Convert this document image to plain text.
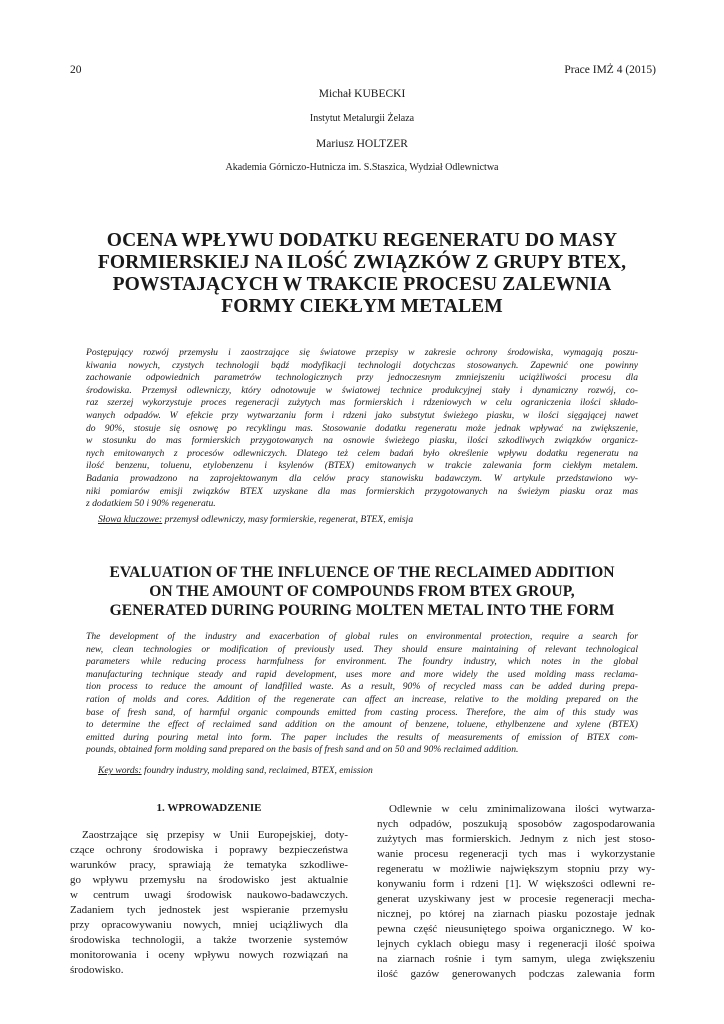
20	Prace IMŻ 4 (2015)
Michał KUBECKI
Instytut Metalurgii Żelaza
Mariusz HOLTZER
Akademia Górniczo-Hutnicza im. S.Staszica, Wydział Odlewnictwa
OCENA WPŁYWU DODATKU REGENERATU DO MASY
FORMIERSKIEJ NA ILOŚĆ ZWIĄZKÓW Z GRUPY BTEX,
POWSTAJĄCYCH W TRAKCIE PROCESU ZALEWNIA
FORMY CIEKŁYM METALEM
Postępujący rozwój przemysłu i zaostrzające się światowe przepisy w zakresie ochrony środowiska, wymagają poszu-
kiwania nowych, czystych technologii bądź modyfikacji technologii dotychczas stosowanych. Zapewnić one powinny
zachowanie odpowiednich parametrów technologicznych przy jednoczesnym zmniejszeniu uciążliwości procesu dla
środowiska. Przemysł odlewniczy, który odnotowuje w światowej technice produkcyjnej stały i dynamiczny rozwój, co-
raz szerzej wykorzystuje proces regeneracji zużytych mas formierskich i rdzeniowych w celu ograniczenia ilości składo-
wanych odpadów. W efekcie przy wytwarzaniu form i rdzeni jako substytut świeżego piasku, w ilości sięgającej nawet
do 90%, stosuje się osnowę po recyklingu mas. Stosowanie dodatku regeneratu może jednak wpływać na zwiększenie,
w stosunku do mas formierskich przygotowanych na osnowie świeżego piasku, ilości szkodliwych związków organicz-
nych emitowanych z procesów odlewniczych. Dlatego też celem badań było określenie wpływu dodatku regeneratu na
ilość benzenu, toluenu, etylobenzenu i ksylenów (BTEX) emitowanych w trakcie zalewania form ciekłym metalem.
Badania prowadzono na zaprojektowanym dla celów pracy stanowisku badawczym. W artykule przedstawiono wy-
niki pomiarów emisji związków BTEX uzyskane dla mas formierskich przygotowanych na świeżym piasku oraz mas
z dodatkiem 50 i 90% regeneratu.
Słowa kluczowe: przemysł odlewniczy, masy formierskie, regenerat, BTEX, emisja
EVALUATION OF THE INFLUENCE OF THE RECLAIMED ADDITION
ON THE AMOUNT OF COMPOUNDS FROM BTEX GROUP,
GENERATED DURING POURING MOLTEN METAL INTO THE FORM
The development of the industry and exacerbation of global rules on environmental protection, require a search for
new, clean technologies or modification of previously used. They should ensure maintaining of relevant technological
parameters while reducing process harmfulness for environment. The foundry industry, which notes in the global
manufacturing technique steady and rapid development, uses more and more widely the used molding mass reclama-
tion process to reduce the amount of landfilled waste. As a result, 90% of recycled mass can be added during prepa-
ration of molds and cores. Addition of the regenerate can affect an increase, relative to the molding prepared on the
base of fresh sand, of harmful organic compounds emitted from casting process. Therefore, the aim of this study was
to determine the effect of reclaimed sand addition on the amount of benzene, toluene, ethylbenzene and xylene (BTEX)
emitted during pouring metal into form. The paper includes the results of measurements of emission of BTEX com-
pounds, obtained form molding sand prepared on the basis of fresh sand and on 50 and 90% reclaimed addition.
Key words: foundry industry, molding sand, reclaimed, BTEX, emission
1. WPROWADZENIE
Zaostrzające się przepisy w Unii Europejskiej, doty-
czące ochrony środowiska i poprawy bezpieczeństwa
warunków pracy, sprawiają że tematyka szkodliwe-
go wpływu przemysłu na środowisko jest aktualnie
w centrum uwagi środowisk naukowo-badawczych.
Zadaniem tych jednostek jest wspieranie przemysłu
przy opracowywaniu nowych, mniej uciążliwych dla
środowiska technologii, a także tworzenie systemów
monitorowania i oceny wpływu nowych rozwiązań na
środowisko.
Odlewnie w celu zminimalizowana ilości wytwarza-
nych odpadów, poszukują sposobów zagospodarowania
zużytych mas formierskich. Jednym z nich jest stoso-
wanie procesu regeneracji tych mas i wykorzystanie
regeneratu w możliwie największym stopniu przy wy-
konywaniu form i rdzeni [1]. W większości odlewni re-
generat uzyskiwany jest w procesie regeneracji mecha-
nicznej, po której na ziarnach piasku pozostaje jednak
pewna część nieusuniętego spoiwa organicznego. W ko-
lejnych cyklach obiegu masy i regeneracji ilość spoiwa
na ziarnach rośnie i tym samym, ulega zwiększeniu
ilość gazów generowanych podczas zalewania form
